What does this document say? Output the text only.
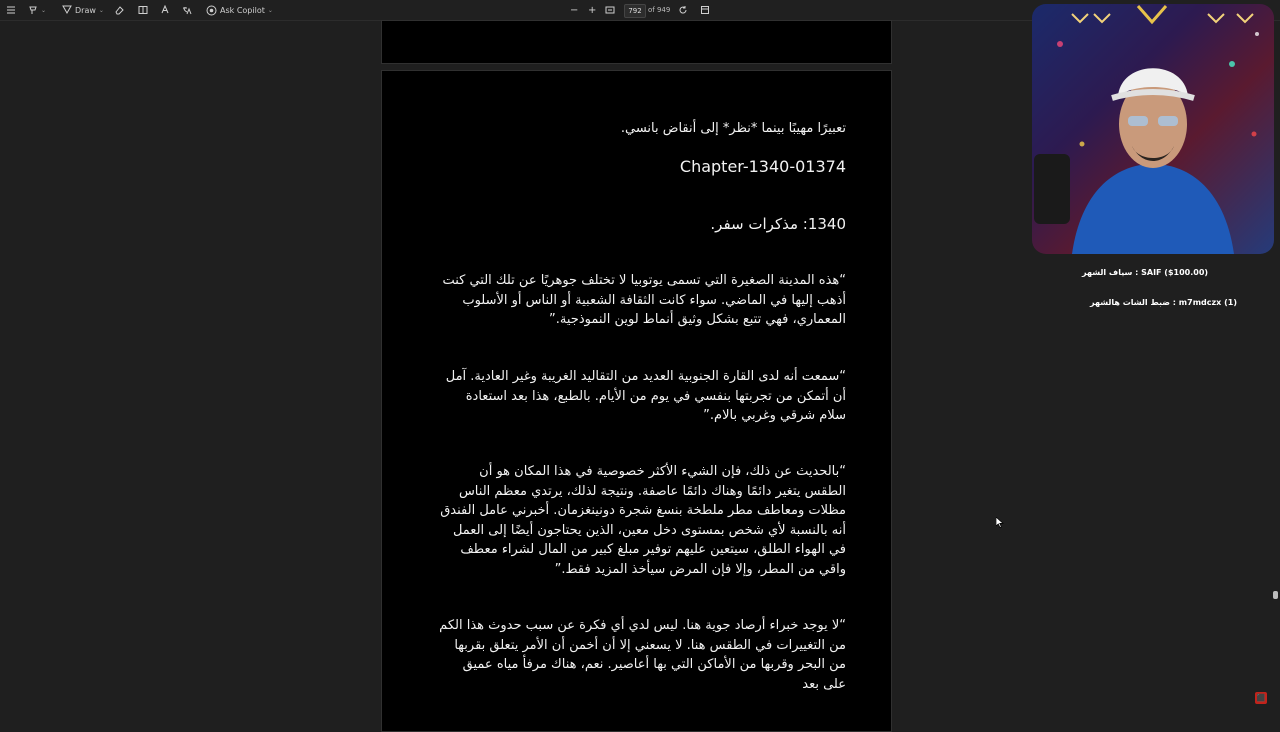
⌄	Draw ⌄	Ask Copilot ⌄	− +	792 of 949
تعبيرًا مهيبًا بينما *نظر* إلى أنقاض بانسي.
Chapter-1340-01374
1340: مذكرات سفر.
“هذه المدينة الصغيرة التي تسمى يوتوبيا لا تختلف جوهريًا عن تلك التي كنت أذهب إليها في الماضي. سواء كانت الثقافة الشعبية أو الناس أو الأسلوب المعماري، فهي تتبع بشكل وثيق أنماط لوين النموذجية.”
“سمعت أنه لدى القارة الجنوبية العديد من التقاليد الغريبة وغير العادية. آمل أن أتمكن من تجربتها بنفسي في يوم من الأيام. بالطبع، هذا بعد استعادة سلام شرقي وغربي بالام.”
“بالحديث عن ذلك، فإن الشيء الأكثر خصوصية في هذا المكان هو أن الطقس يتغير دائمًا وهناك دائمًا عاصفة. ونتيجة لذلك، يرتدي معظم الناس مظلات ومعاطف مطر ملطخة بنسغ شجرة دونينغزمان. أخبرني عامل الفندق أنه بالنسبة لأي شخص بمستوى دخل معين، الذين يحتاجون أيضًا إلى العمل في الهواء الطلق، سيتعين عليهم توفير مبلغ كبير من المال لشراء معطف واقي من المطر، وإلا فإن المرض سيأخذ المزيد فقط.”
“لا يوجد خبراء أرصاد جوية هنا. ليس لدي أي فكرة عن سبب حدوث هذا الكم من التغييرات في الطقس هنا. لا يسعني إلا أن أخمن أن الأمر يتعلق بقربها من البحر وقربها من الأماكن التي بها أعاصير. نعم، هناك مرفأ مياه عميق على بعد
سياف الشهر : SAIF ($100.00)
ضبط الشات هالشهر : m7mdczx (1)
⬛
